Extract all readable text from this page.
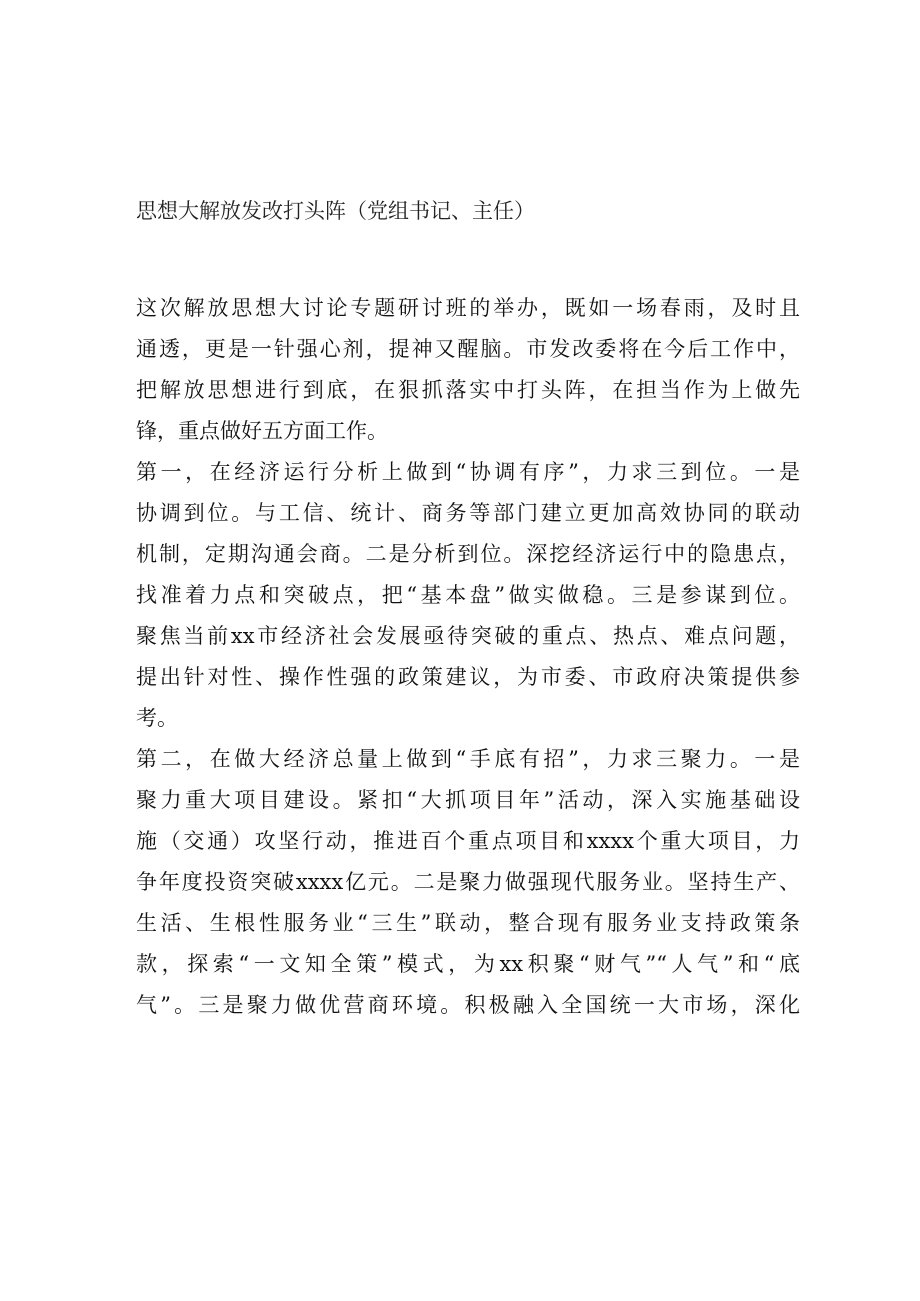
思想大解放发改打头阵（党组书记、主任）
这次解放思想大讨论专题研讨班的举办，既如一场春雨，及时且
通透，更是一针强心剂，提神又醒脑。市发改委将在今后工作中，
把解放思想进行到底，在狠抓落实中打头阵，在担当作为上做先
锋，重点做好五方面工作。
第一，在经济运行分析上做到“协调有序”，力求三到位。一是
协调到位。与工信、统计、商务等部门建立更加高效协同的联动
机制，定期沟通会商。二是分析到位。深挖经济运行中的隐患点，
找准着力点和突破点，把“基本盘”做实做稳。三是参谋到位。
聚焦当前xx市经济社会发展亟待突破的重点、热点、难点问题，
提出针对性、操作性强的政策建议，为市委、市政府决策提供参
考。
第二，在做大经济总量上做到“手底有招”，力求三聚力。一是
聚力重大项目建设。紧扣“大抓项目年”活动，深入实施基础设
施（交通）攻坚行动，推进百个重点项目和xxxx个重大项目，力
争年度投资突破xxxx亿元。二是聚力做强现代服务业。坚持生产、
生活、生根性服务业“三生”联动，整合现有服务业支持政策条
款，探索“一文知全策”模式，为xx积聚“财气”“人气”和“底
气”。三是聚力做优营商环境。积极融入全国统一大市场，深化
